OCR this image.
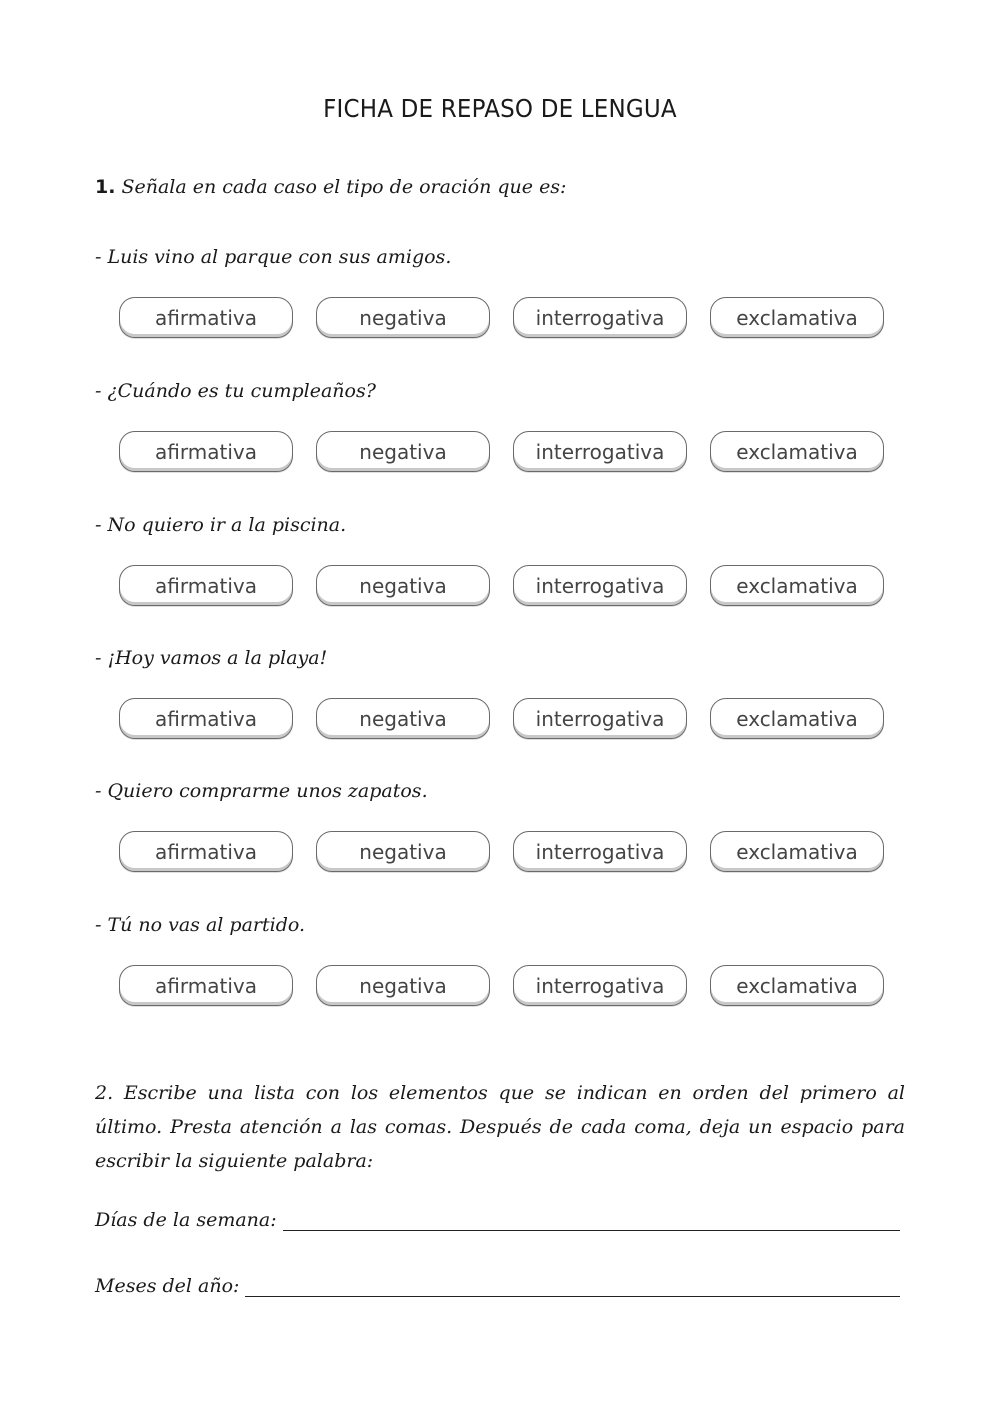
FICHA DE REPASO DE LENGUA
1. Señala en cada caso el tipo de oración que es:
- Luis vino al parque con sus amigos.
afirmativa	negativa	interrogativa	exclamativa
- ¿Cuándo es tu cumpleaños?
afirmativa	negativa	interrogativa	exclamativa
- No quiero ir a la piscina.
afirmativa	negativa	interrogativa	exclamativa
- ¡Hoy vamos a la playa!
afirmativa	negativa	interrogativa	exclamativa
- Quiero comprarme unos zapatos.
afirmativa	negativa	interrogativa	exclamativa
- Tú no vas al partido.
afirmativa	negativa	interrogativa	exclamativa
2. Escribe una lista con los elementos que se indican en orden del primero al último. Presta atención a las comas. Después de cada coma, deja un espacio para escribir la siguiente palabra:
Días de la semana:
Meses del año:
